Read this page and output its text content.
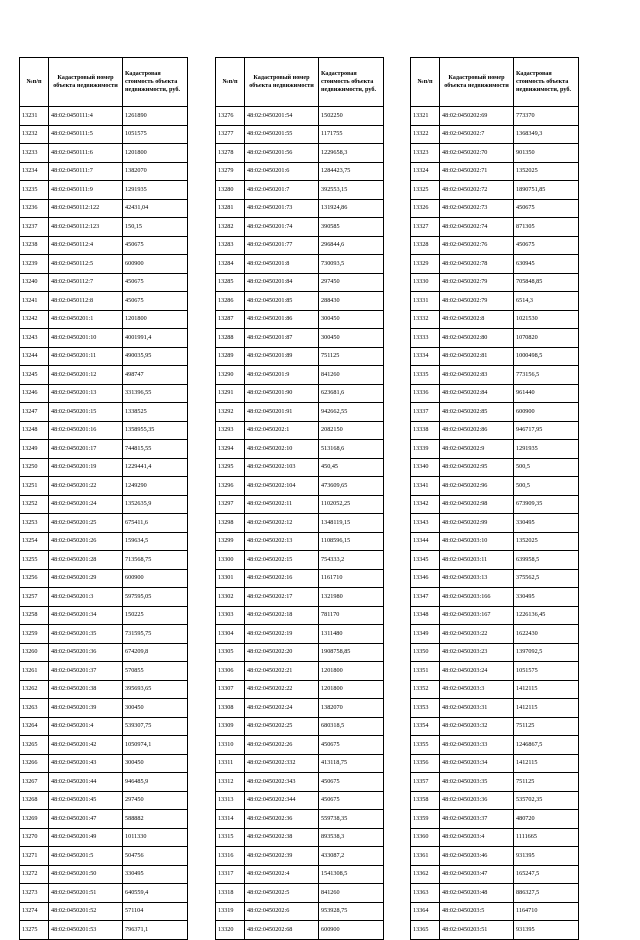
№п/п	Кадастровый номер объекта недвижимости	Кадастровая стоимость объекта недвижимости, руб.
13231	48:02:0450111:4	1261890
13232	48:02:0450111:5	1051575
13233	48:02:0450111:6	1201800
13234	48:02:0450111:7	1382070
13235	48:02:0450111:9	1291935
13236	48:02:0450112:122	42431,04
13237	48:02:0450112:123	150,15
13238	48:02:0450112:4	450675
13239	48:02:0450112:5	600900
13240	48:02:0450112:7	450675
13241	48:02:0450112:8	450675
13242	48:02:0450201:1	1201800
13243	48:02:0450201:10	4001991,4
13244	48:02:0450201:11	490035,95
13245	48:02:0450201:12	498747
13246	48:02:0450201:13	331396,55
13247	48:02:0450201:15	1338525
13248	48:02:0450201:16	1358955,35
13249	48:02:0450201:17	744815,55
13250	48:02:0450201:19	1229441,4
13251	48:02:0450201:22	1249290
13252	48:02:0450201:24	1352635,9
13253	48:02:0450201:25	675411,6
13254	48:02:0450201:26	159634,5
13255	48:02:0450201:28	713568,75
13256	48:02:0450201:29	600900
13257	48:02:0450201:3	597595,05
13258	48:02:0450201:34	150225
13259	48:02:0450201:35	731595,75
13260	48:02:0450201:36	674209,8
13261	48:02:0450201:37	570855
13262	48:02:0450201:38	395693,65
13263	48:02:0450201:39	300450
13264	48:02:0450201:4	539307,75
13265	48:02:0450201:42	1050974,1
13266	48:02:0450201:43	300450
13267	48:02:0450201:44	946485,9
13268	48:02:0450201:45	297450
13269	48:02:0450201:47	588882
13270	48:02:0450201:49	1011330
13271	48:02:0450201:5	504756
13272	48:02:0450201:50	330495
13273	48:02:0450201:51	640559,4
13274	48:02:0450201:52	571104
13275	48:02:0450201:53	796371,1
№п/п	Кадастровый номер объекта недвижимости	Кадастровая стоимость объекта недвижимости, руб.
13276	48:02:0450201:54	1502250
13277	48:02:0450201:55	1171755
13278	48:02:0450201:56	1229658,3
13279	48:02:0450201:6	1284423,75
13280	48:02:0450201:7	392553,15
13281	48:02:0450201:73	131924,86
13282	48:02:0450201:74	390585
13283	48:02:0450201:77	296844,6
13284	48:02:0450201:8	730093,5
13285	48:02:0450201:84	297450
13286	48:02:0450201:85	288430
13287	48:02:0450201:86	300450
13288	48:02:0450201:87	300450
13289	48:02:0450201:89	751125
13290	48:02:0450201:9	841260
13291	48:02:0450201:90	623681,6
13292	48:02:0450201:91	942662,55
13293	48:02:0450202:1	2082150
13294	48:02:0450202:10	513168,6
13295	48:02:0450202:103	450,45
13296	48:02:0450202:104	473609,65
13297	48:02:0450202:11	1102052,25
13298	48:02:0450202:12	1348119,15
13299	48:02:0450202:13	1108596,15
13300	48:02:0450202:15	754333,2
13301	48:02:0450202:16	1161710
13302	48:02:0450202:17	1321980
13303	48:02:0450202:18	781170
13304	48:02:0450202:19	1311480
13305	48:02:0450202:20	1908758,85
13306	48:02:0450202:21	1201800
13307	48:02:0450202:22	1201800
13308	48:02:0450202:24	1382070
13309	48:02:0450202:25	680318,5
13310	48:02:0450202:26	450675
13311	48:02:0450202:332	413118,75
13312	48:02:0450202:343	450675
13313	48:02:0450202:344	450675
13314	48:02:0450202:36	559738,35
13315	48:02:0450202:38	893538,3
13316	48:02:0450202:39	433087,2
13317	48:02:0450202:4	1541308,5
13318	48:02:0450202:5	841260
13319	48:02:0450202:6	953928,75
13320	48:02:0450202:68	600900
№п/п	Кадастровый номер объекта недвижимости	Кадастровая стоимость объекта недвижимости, руб.
13321	48:02:0450202:69	773370
13322	48:02:0450202:7	1368349,3
13323	48:02:0450202:70	901350
13324	48:02:0450202:71	1352025
13325	48:02:0450202:72	1890751,85
13326	48:02:0450202:73	450675
13327	48:02:0450202:74	871305
13328	48:02:0450202:76	450675
13329	48:02:0450202:78	630945
13330	48:02:0450202:79	705848,85
13331	48:02:0450202:79	6514,3
13332	48:02:0450202:8	1021530
13333	48:02:0450202:80	1070820
13334	48:02:0450202:81	1000498,5
13335	48:02:0450202:83	773156,5
13336	48:02:0450202:84	961440
13337	48:02:0450202:85	600900
13338	48:02:0450202:86	946717,95
13339	48:02:0450202:9	1291935
13340	48:02:0450202:95	500,5
13341	48:02:0450202:96	500,5
13342	48:02:0450202:98	673909,35
13343	48:02:0450202:99	330495
13344	48:02:0450203:10	1352025
13345	48:02:0450203:11	639958,5
13346	48:02:0450203:13	375562,5
13347	48:02:0450203:166	330495
13348	48:02:0450203:167	1226136,45
13349	48:02:0450203:22	1622430
13350	48:02:0450203:23	1397092,5
13351	48:02:0450203:24	1051575
13352	48:02:0450203:3	1412115
13353	48:02:0450203:31	1412115
13354	48:02:0450203:32	751125
13355	48:02:0450203:33	1246867,5
13356	48:02:0450203:34	1412115
13357	48:02:0450203:35	751125
13358	48:02:0450203:36	535702,35
13359	48:02:0450203:37	480720
13360	48:02:0450203:4	1111665
13361	48:02:0450203:46	931395
13362	48:02:0450203:47	165247,5
13363	48:02:0450203:48	886327,5
13364	48:02:0450203:5	1164710
13365	48:02:0450203:51	931395
